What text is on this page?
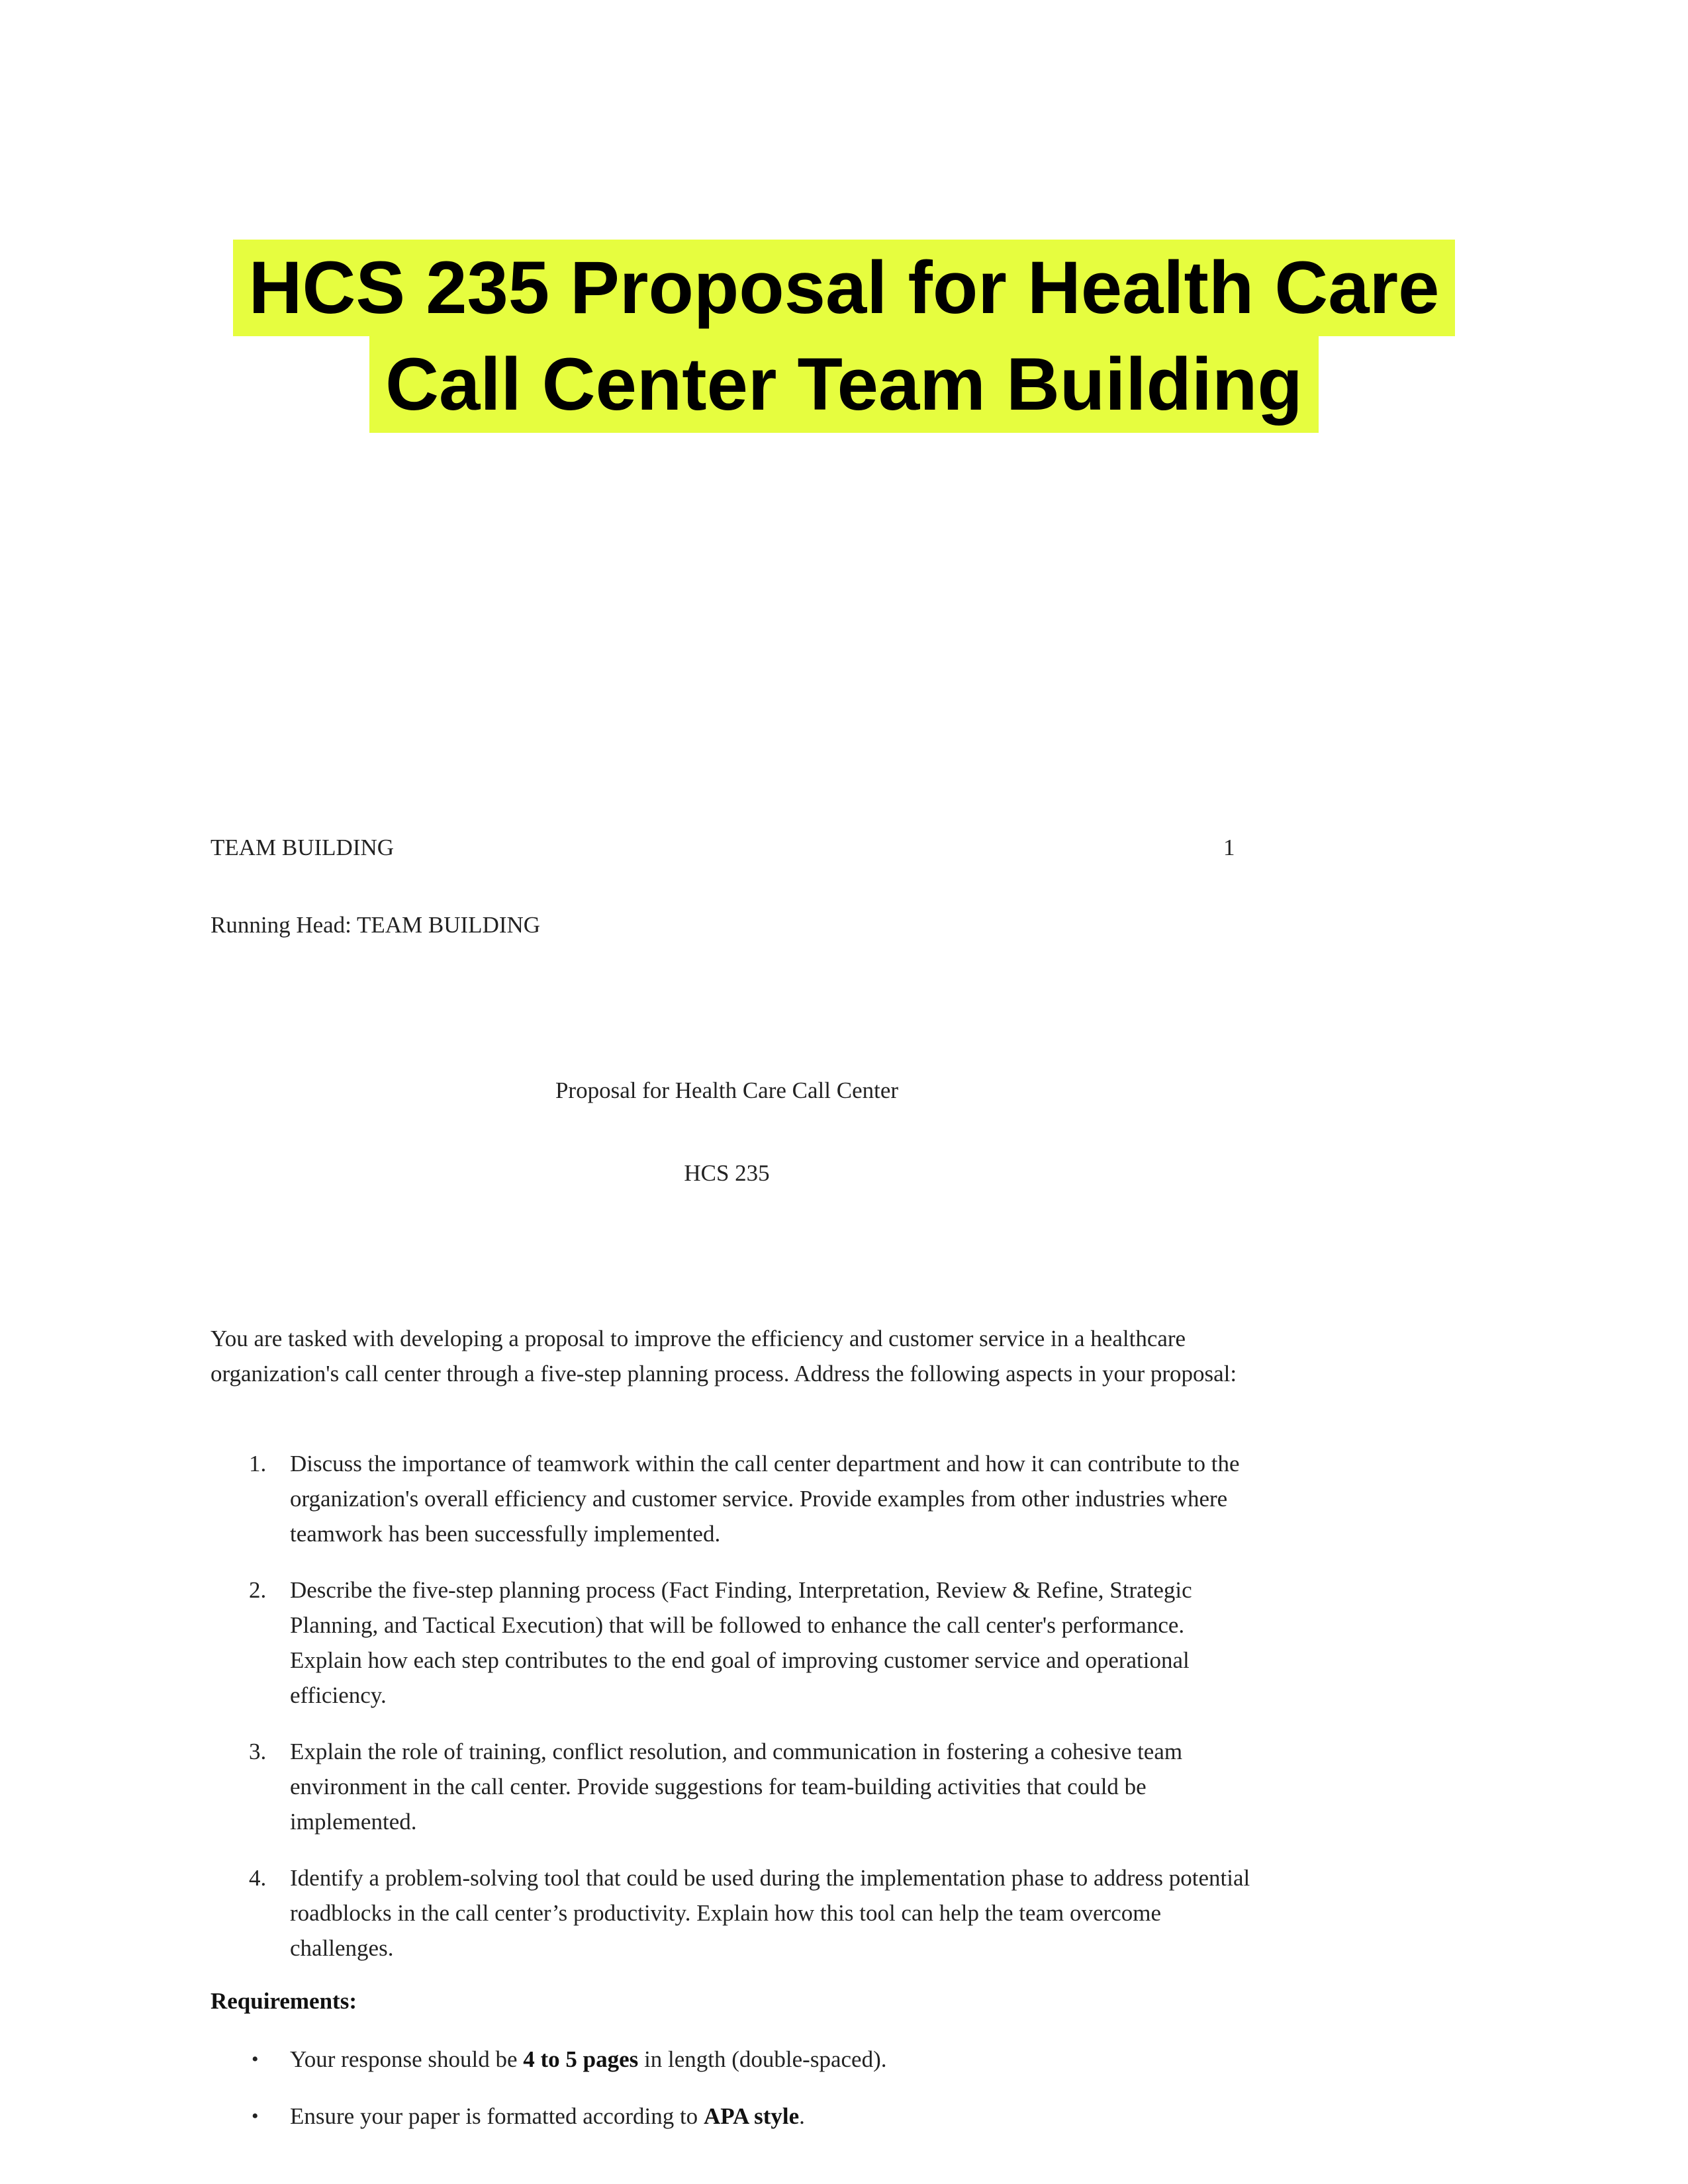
HCS 235 Proposal for Health Care
Call Center Team Building
TEAM BUILDING	1
Running Head: TEAM BUILDING
Proposal for Health Care Call Center
HCS 235

You are tasked with developing a proposal to improve the efficiency and customer service in a healthcare organization's call center through a five-step planning process. Address the following aspects in your proposal:

1. Discuss the importance of teamwork within the call center department and how it can contribute to the organization's overall efficiency and customer service. Provide examples from other industries where teamwork has been successfully implemented.
2. Describe the five-step planning process (Fact Finding, Interpretation, Review & Refine, Strategic Planning, and Tactical Execution) that will be followed to enhance the call center's performance. Explain how each step contributes to the end goal of improving customer service and operational efficiency.
3. Explain the role of training, conflict resolution, and communication in fostering a cohesive team environment in the call center. Provide suggestions for team-building activities that could be implemented.
4. Identify a problem-solving tool that could be used during the implementation phase to address potential roadblocks in the call center’s productivity. Explain how this tool can help the team overcome challenges.
Requirements:
• Your response should be 4 to 5 pages in length (double-spaced).
• Ensure your paper is formatted according to APA style.
